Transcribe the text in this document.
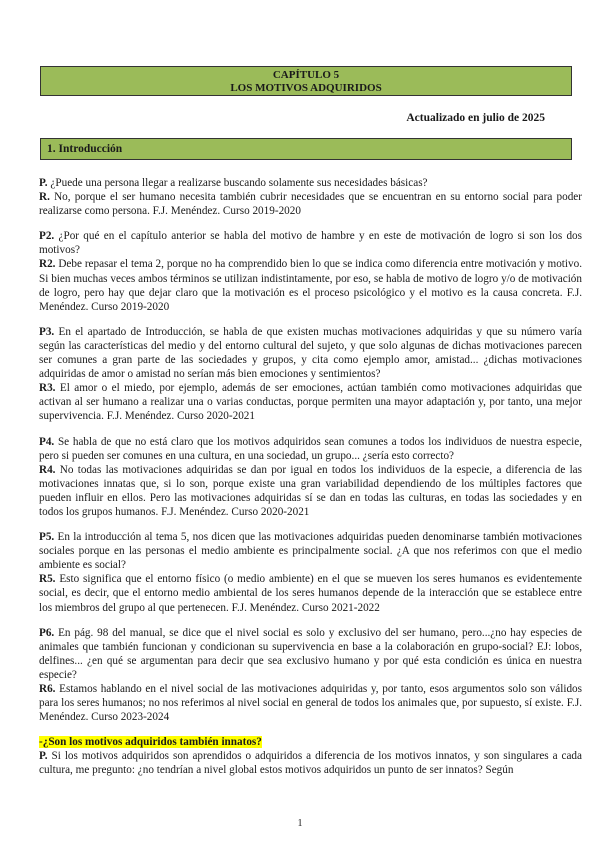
CAPÍTULO 5
LOS MOTIVOS ADQUIRIDOS
Actualizado en julio de 2025
1. Introducción

P. ¿Puede una persona llegar a realizarse buscando solamente sus necesidades básicas?
R. No, porque el ser humano necesita también cubrir necesidades que se encuentran en su entorno social para poder realizarse como persona. F.J. Menéndez. Curso 2019-2020

P2. ¿Por qué en el capítulo anterior se habla del motivo de hambre y en este de motivación de logro si son los dos motivos?
R2. Debe repasar el tema 2, porque no ha comprendido bien lo que se indica como diferencia entre motivación y motivo. Si bien muchas veces ambos términos se utilizan indistintamente, por eso, se habla de motivo de logro y/o de motivación de logro, pero hay que dejar claro que la motivación es el proceso psicológico y el motivo es la causa concreta. F.J. Menéndez. Curso 2019-2020

P3. En el apartado de Introducción, se habla de que existen muchas motivaciones adquiridas y que su número varía según las características del medio y del entorno cultural del sujeto, y que solo algunas de dichas motivaciones parecen ser comunes a gran parte de las sociedades y grupos, y cita como ejemplo amor, amistad... ¿dichas motivaciones adquiridas de amor o amistad no serían más bien emociones y sentimientos?
R3. El amor o el miedo, por ejemplo, además de ser emociones, actúan también como motivaciones adquiridas que activan al ser humano a realizar una o varias conductas, porque permiten una mayor adaptación y, por tanto, una mejor supervivencia. F.J. Menéndez. Curso 2020-2021

P4. Se habla de que no está claro que los motivos adquiridos sean comunes a todos los individuos de nuestra especie, pero si pueden ser comunes en una cultura, en una sociedad, un grupo... ¿sería esto correcto?
R4. No todas las motivaciones adquiridas se dan por igual en todos los individuos de la especie, a diferencia de las motivaciones innatas que, si lo son, porque existe una gran variabilidad dependiendo de los múltiples factores que pueden influir en ellos. Pero las motivaciones adquiridas sí se dan en todas las culturas, en todas las sociedades y en todos los grupos humanos. F.J. Menéndez. Curso 2020-2021

P5. En la introducción al tema 5, nos dicen que las motivaciones adquiridas pueden denominarse también motivaciones sociales porque en las personas el medio ambiente es principalmente social. ¿A que nos referimos con que el medio ambiente es social?
R5. Esto significa que el entorno físico (o medio ambiente) en el que se mueven los seres humanos es evidentemente social, es decir, que el entorno medio ambiental de los seres humanos depende de la interacción que se establece entre los miembros del grupo al que pertenecen. F.J. Menéndez. Curso 2021-2022

P6. En pág. 98 del manual, se dice que el nivel social es solo y exclusivo del ser humano, pero...¿no hay especies de animales que también funcionan y condicionan su supervivencia en base a la colaboración en grupo-social? EJ: lobos, delfines... ¿en qué se argumentan para decir que sea exclusivo humano y por qué esta condición es única en nuestra especie?
R6. Estamos hablando en el nivel social de las motivaciones adquiridas y, por tanto, esos argumentos solo son válidos para los seres humanos; no nos referimos al nivel social en general de todos los animales que, por supuesto, sí existe. F.J. Menéndez. Curso 2023-2024

-¿Son los motivos adquiridos también innatos?
P. Si los motivos adquiridos son aprendidos o adquiridos a diferencia de los motivos innatos, y son singulares a cada cultura, me pregunto: ¿no tendrían a nivel global estos motivos adquiridos un punto de ser innatos? Según
1
